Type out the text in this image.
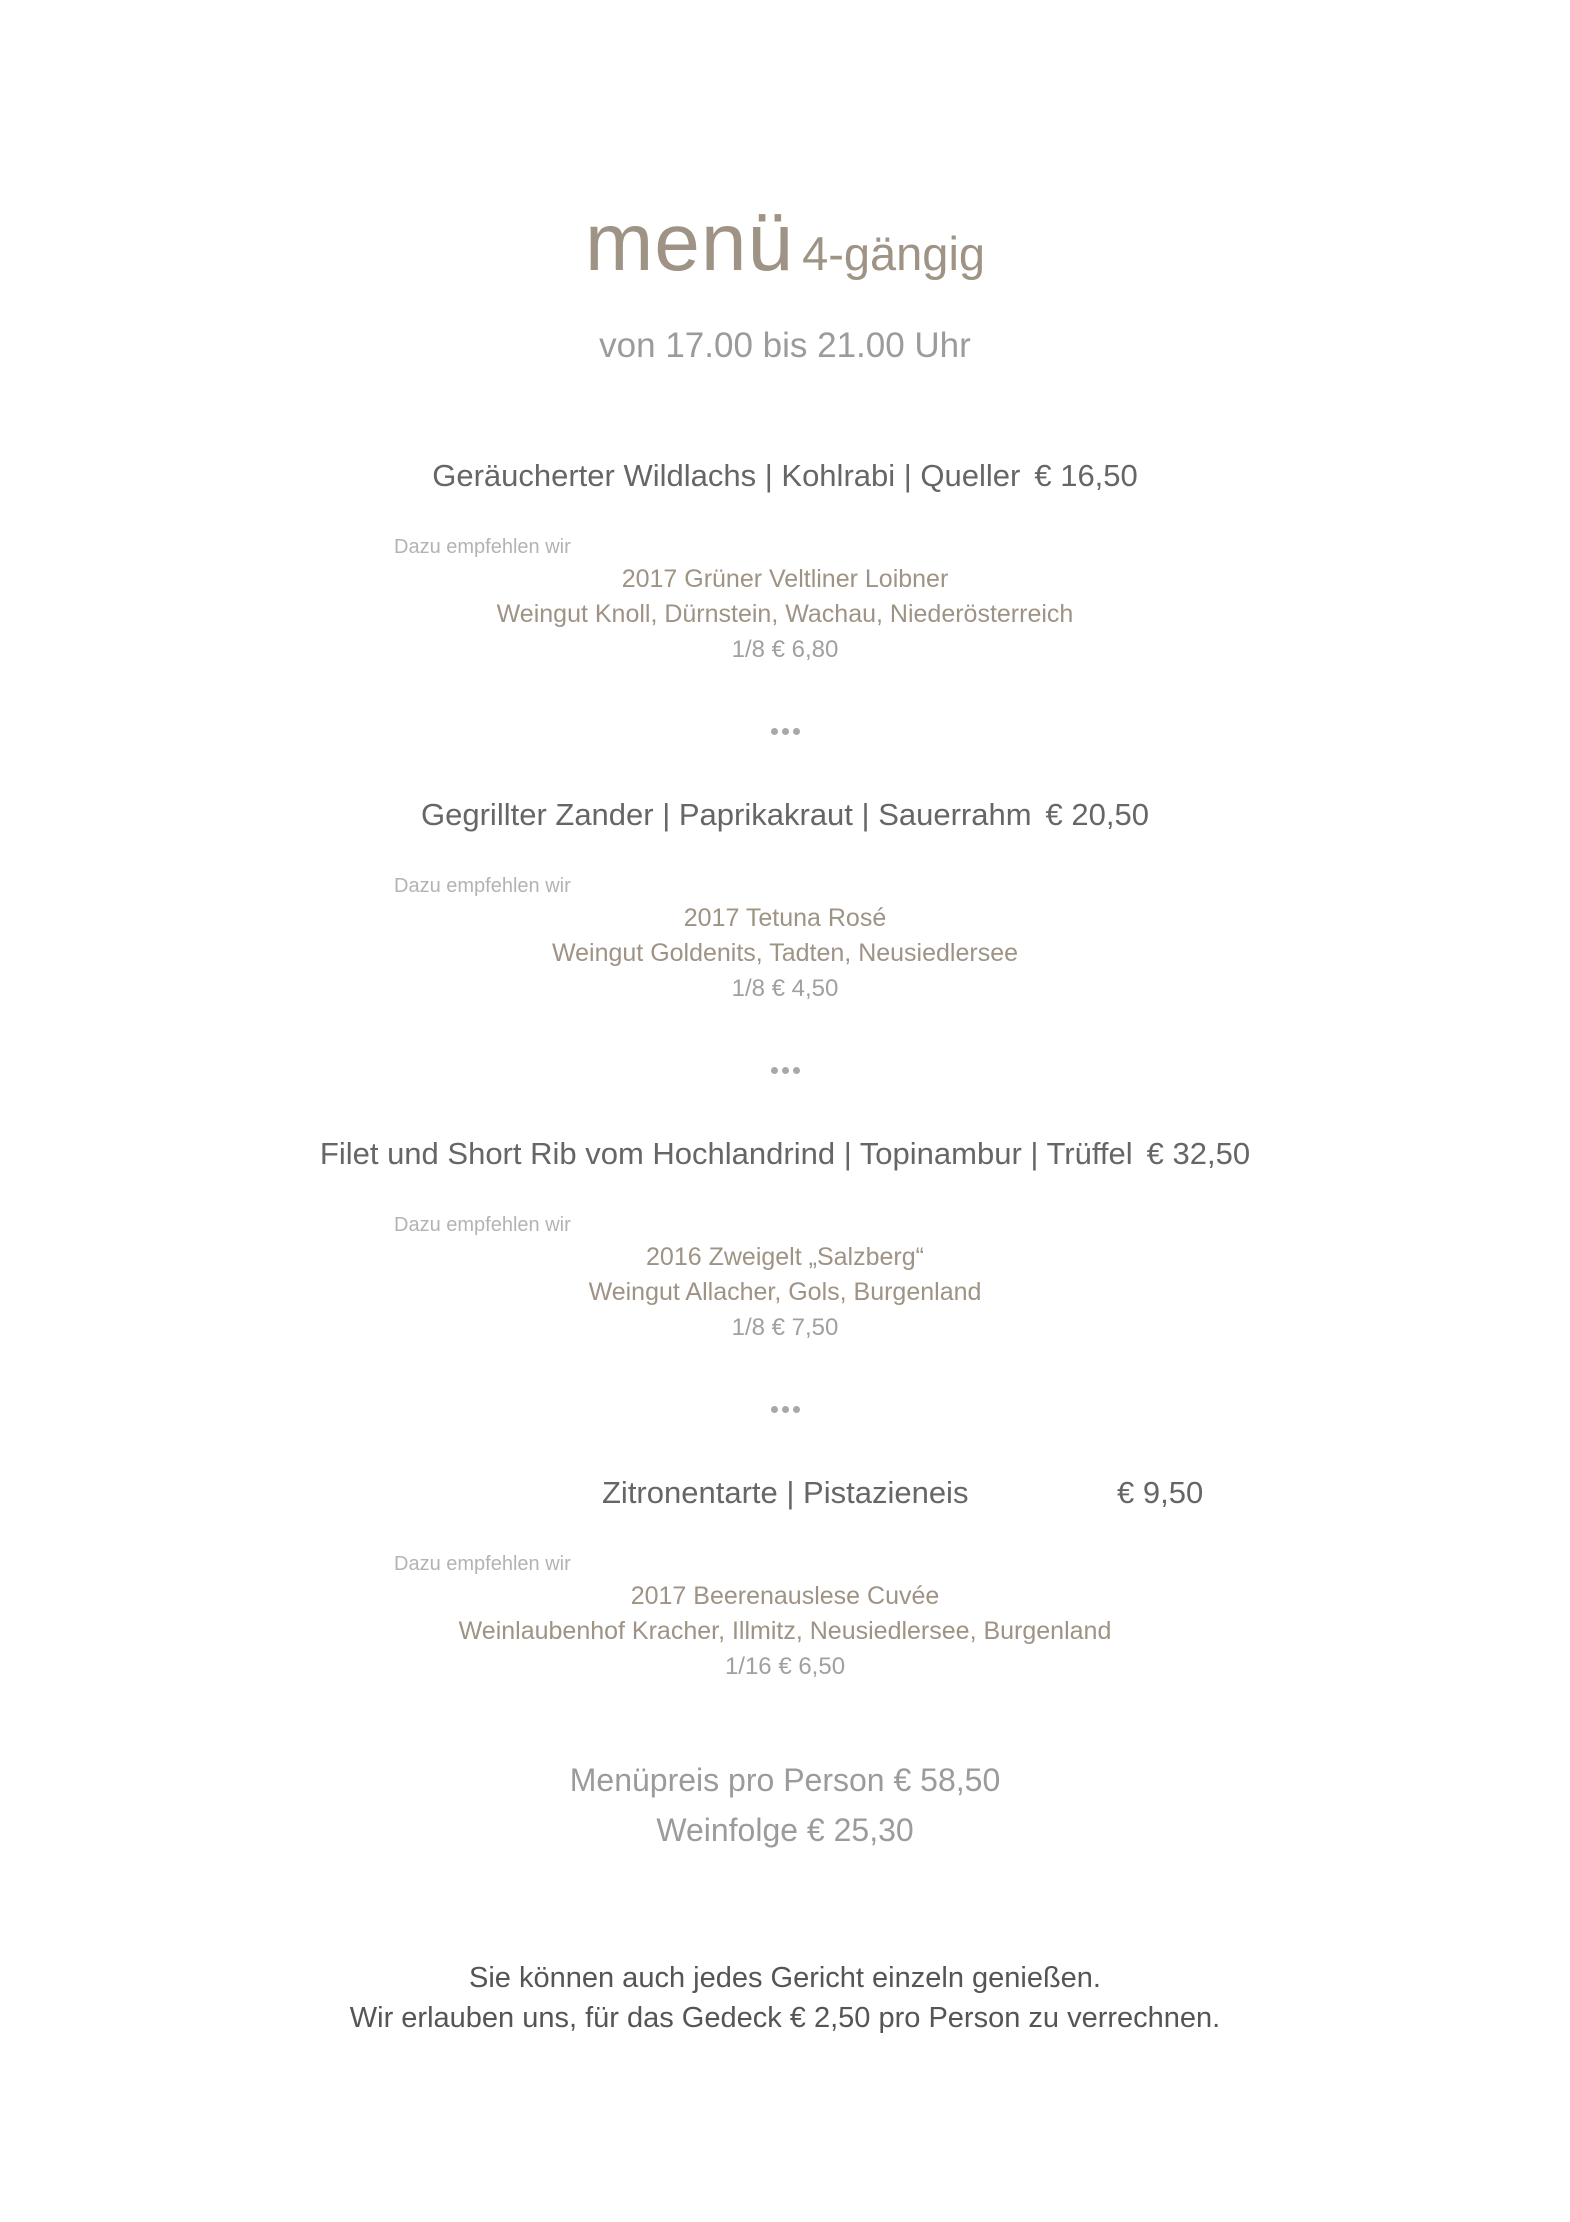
menü 4-gängig
von 17.00 bis 21.00 Uhr
Geräucherter Wildlachs | Kohlrabi | Queller € 16,50
Dazu empfehlen wir
2017 Grüner Veltliner Loibner
Weingut Knoll, Dürnstein, Wachau, Niederösterreich
1/8 € 6,80
Gegrillter Zander | Paprikakraut | Sauerrahm € 20,50
Dazu empfehlen wir
2017 Tetuna Rosé
Weingut Goldenits, Tadten, Neusiedlersee
1/8 € 4,50
Filet und Short Rib vom Hochlandrind | Topinambur | Trüffel € 32,50
Dazu empfehlen wir
2016 Zweigelt „Salzberg“
Weingut Allacher, Gols, Burgenland
1/8 € 7,50
Zitronentarte | Pistazieneis	€ 9,50
Dazu empfehlen wir
2017 Beerenauslese Cuvée
Weinlaubenhof Kracher, Illmitz, Neusiedlersee, Burgenland
1/16 € 6,50
Menüpreis pro Person € 58,50
Weinfolge € 25,30
Sie können auch jedes Gericht einzeln genießen.
Wir erlauben uns, für das Gedeck € 2,50 pro Person zu verrechnen.
